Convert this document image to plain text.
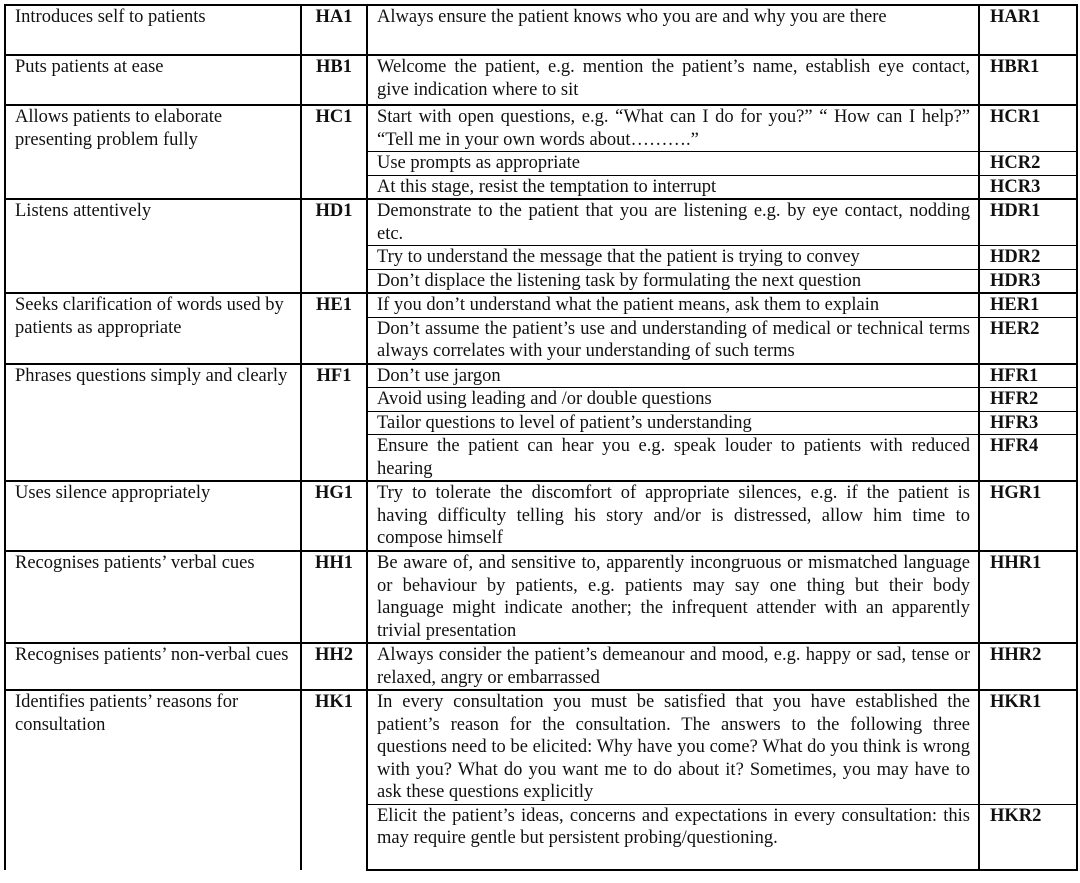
Introduces self to patients	HA1	Always ensure the patient knows who you are and why you are there	HAR1
Puts patients at ease	HB1	Welcome the patient, e.g. mention the patient’s name, establish eye contact, give indication where to sit	HBR1
Allows patients to elaborate presenting problem fully	HC1	Start with open questions, e.g. “What can I do for you?” “ How can I help?” “Tell me in your own words about……….”	HCR1
		Use prompts as appropriate	HCR2
		At this stage, resist the temptation to interrupt	HCR3
Listens attentively	HD1	Demonstrate to the patient that you are listening e.g. by eye contact, nodding etc.	HDR1
		Try to understand the message that the patient is trying to convey	HDR2
		Don’t displace the listening task by formulating the next question	HDR3
Seeks clarification of words used by patients as appropriate	HE1	If you don’t understand what the patient means, ask them to explain	HER1
		Don’t assume the patient’s use and understanding of medical or technical terms always correlates with your understanding of such terms	HER2
Phrases questions simply and clearly	HF1	Don’t use jargon	HFR1
		Avoid using leading and /or double questions	HFR2
		Tailor questions to level of patient’s understanding	HFR3
		Ensure the patient can hear you e.g. speak louder to patients with reduced hearing	HFR4
Uses silence appropriately	HG1	Try to tolerate the discomfort of appropriate silences, e.g. if the patient is having difficulty telling his story and/or is distressed, allow him time to compose himself	HGR1
Recognises patients’ verbal cues	HH1	Be aware of, and sensitive to, apparently incongruous or mismatched language or behaviour by patients, e.g. patients may say one thing but their body language might indicate another; the infrequent attender with an apparently trivial presentation	HHR1
Recognises patients’ non-verbal cues	HH2	Always consider the patient’s demeanour and mood, e.g. happy or sad, tense or relaxed, angry or embarrassed	HHR2
Identifies patients’ reasons for consultation	HK1	In every consultation you must be satisfied that you have established the patient’s reason for the consultation. The answers to the following three questions need to be elicited: Why have you come? What do you think is wrong with you? What do you want me to do about it? Sometimes, you may have to ask these questions explicitly	HKR1
		Elicit the patient’s ideas, concerns and expectations in every consultation: this may require gentle but persistent probing/questioning.	HKR2
